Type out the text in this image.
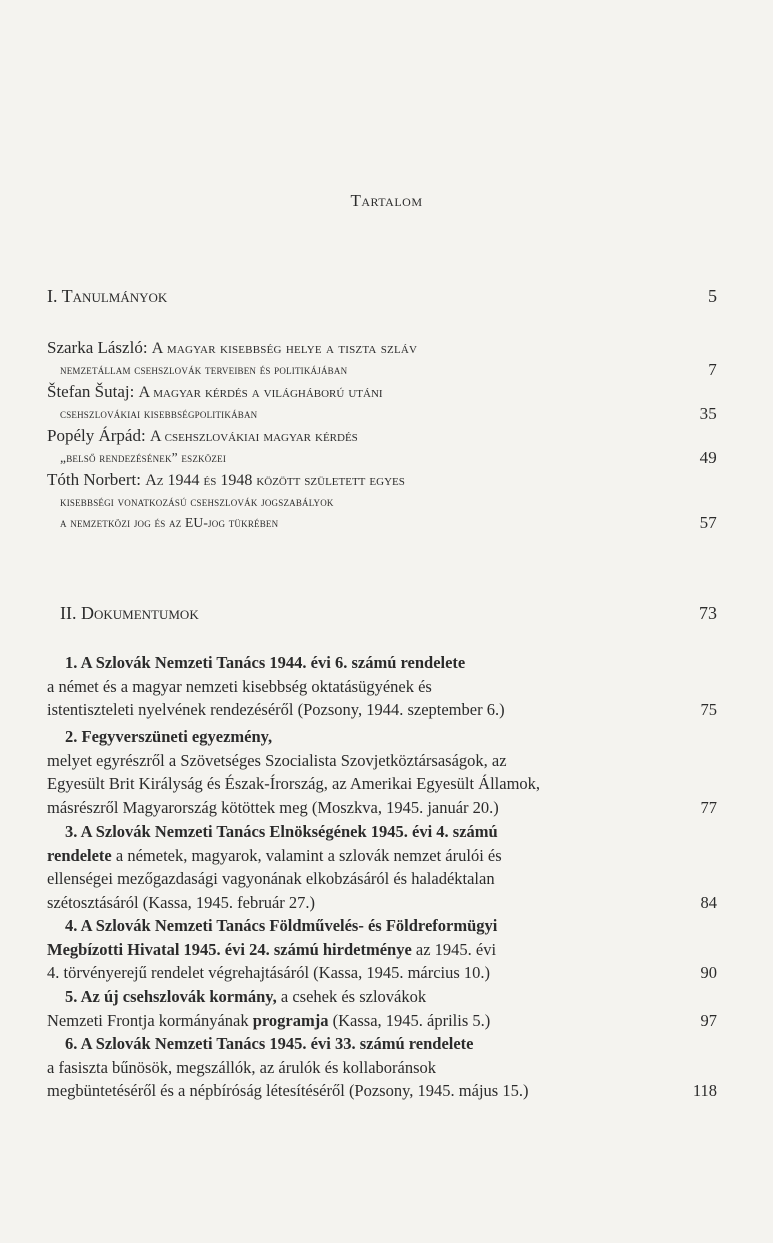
Tartalom
I. Tanulmányok	5
Szarka László: A magyar kisebbség helye a tiszta szláv
nemzetállam csehszlovák terveiben és politikájában	7
Štefan Šutaj: A magyar kérdés a világháború utáni
csehszlovákiai kisebbségpolitikában	35
Popély Árpád: A csehszlovákiai magyar kérdés
„belső rendezésének” eszközei	49
Tóth Norbert: Az 1944 és 1948 között született egyes
kisebbségi vonatkozású csehszlovák jogszabályok
a nemzetközi jog és az EU-jog tükrében	57
II. Dokumentumok	73
1. A Szlovák Nemzeti Tanács 1944. évi 6. számú rendelete
a német és a magyar nemzeti kisebbség oktatásügyének és
istentiszteleti nyelvének rendezéséről (Pozsony, 1944. szeptember 6.)	75
2. Fegyverszüneti egyezmény,
melyet egyrészről a Szövetséges Szocialista Szovjetköztársaságok, az
Egyesült Brit Királyság és Észak-Írország, az Amerikai Egyesült Államok,
másrészről Magyarország kötöttek meg (Moszkva, 1945. január 20.)	77
3. A Szlovák Nemzeti Tanács Elnökségének 1945. évi 4. számú
rendelete a németek, magyarok, valamint a szlovák nemzet árulói és
ellenségei mezőgazdasági vagyonának elkobzásáról és haladéktalan
szétosztásáról (Kassa, 1945. február 27.)	84
4. A Szlovák Nemzeti Tanács Földművelés- és Földreformügyi
Megbízotti Hivatal 1945. évi 24. számú hirdetménye az 1945. évi
4. törvényerejű rendelet végrehajtásáról (Kassa, 1945. március 10.)	90
5. Az új csehszlovák kormány, a csehek és szlovákok
Nemzeti Frontja kormányának programja (Kassa, 1945. április 5.)	97
6. A Szlovák Nemzeti Tanács 1945. évi 33. számú rendelete
a fasiszta bűnösök, megszállók, az árulók és kollaboránsok
megbüntetéséről és a népbíróság létesítéséről (Pozsony, 1945. május 15.)	118
